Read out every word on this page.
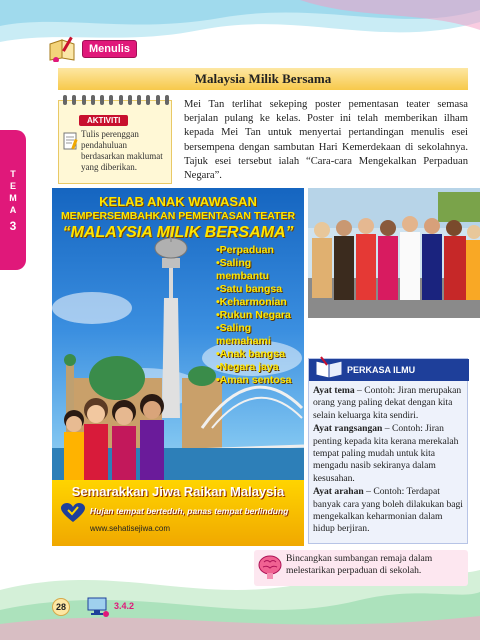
Menulis
Malaysia Milik Bersama
T
E
M
A
3
AKTIVITI
Tulis perenggan pendahuluan berdasarkan maklumat yang diberikan.

Mei Tan terlihat sekeping poster pementasan teater semasa berjalan pulang ke kelas. Poster ini telah memberikan ilham kepada Mei Tan untuk menyertai pertandingan menulis esei bersempena dengan sambutan Hari Kemerdekaan di sekolahnya. Tajuk esei tersebut ialah “Cara-cara Mengekalkan Perpaduan Negara”.

KELAB ANAK WAWASAN
MEMPERSEMBAHKAN PEMENTASAN TEATER
“MALAYSIA MILIK BERSAMA”
•Perpaduan
•Saling membantu
•Satu bangsa
•Keharmonian
•Rukun Negara
•Saling memahami
•Anak bangsa
•Negara jaya
•Aman sentosa
Semarakkan Jiwa Raikan Malaysia
Hujan tempat berteduh, panas tempat berlindung
www.sehatisejiwa.com
PERKASA ILMU

Ayat tema – Contoh: Jiran merupakan orang yang paling dekat dengan kita selain keluarga kita sendiri.

Ayat rangsangan – Contoh: Jiran penting kepada kita kerana merekalah tempat paling mudah untuk kita mengadu nasib sekiranya dalam kesusahan.

Ayat arahan – Contoh: Terdapat banyak cara yang boleh dilakukan bagi mengekalkan keharmonian dalam hidup berjiran.

Bincangkan sumbangan remaja dalam melestarikan perpaduan di sekolah.
28	3.4.2
